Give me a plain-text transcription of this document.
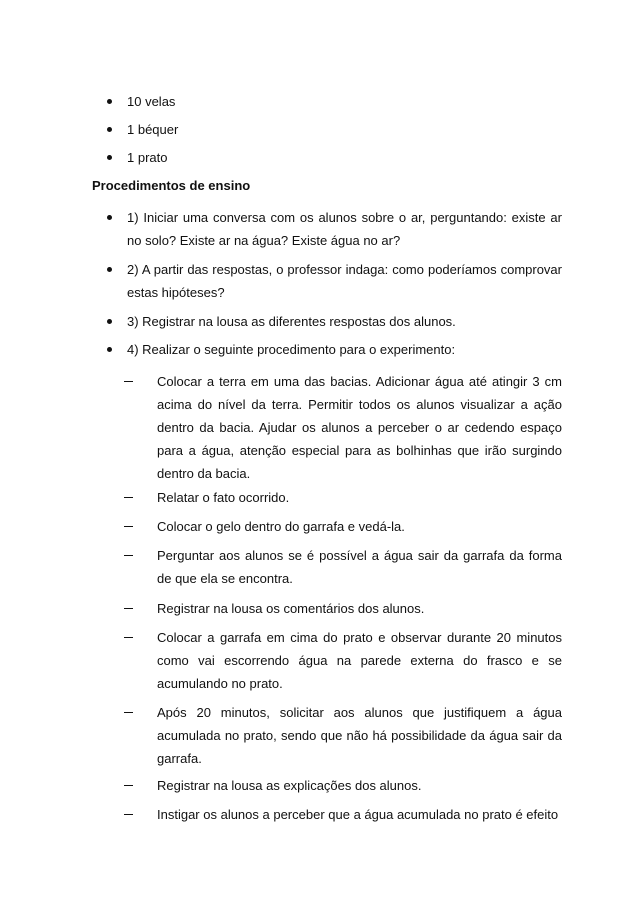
10 velas
1 béquer
1 prato
Procedimentos de ensino
1) Iniciar uma conversa com os alunos sobre o ar, perguntando: existe ar no solo? Existe ar na água? Existe água no ar?
2) A partir das respostas, o professor indaga: como poderíamos comprovar estas hipóteses?
3) Registrar na lousa as diferentes respostas dos alunos.
4) Realizar o seguinte procedimento para o experimento:
Colocar a terra em uma das bacias. Adicionar água até atingir 3 cm acima do nível da terra. Permitir todos os alunos visualizar a ação dentro da bacia. Ajudar os alunos a perceber o ar cedendo espaço para a água, atenção especial para as bolhinhas que irão surgindo dentro da bacia.
Relatar o fato ocorrido.
Colocar o gelo dentro do garrafa e vedá-la.
Perguntar aos alunos se é possível a água sair da garrafa da forma de que ela se encontra.
Registrar na lousa os comentários dos alunos.
Colocar a garrafa em cima do prato e observar durante 20 minutos como vai escorrendo água na parede externa do frasco e se acumulando no prato.
Após 20 minutos, solicitar aos alunos que justifiquem a água acumulada no prato, sendo que não há possibilidade da água sair da garrafa.
Registrar na lousa as explicações dos alunos.
Instigar os alunos a perceber que a água acumulada no prato é efeito
